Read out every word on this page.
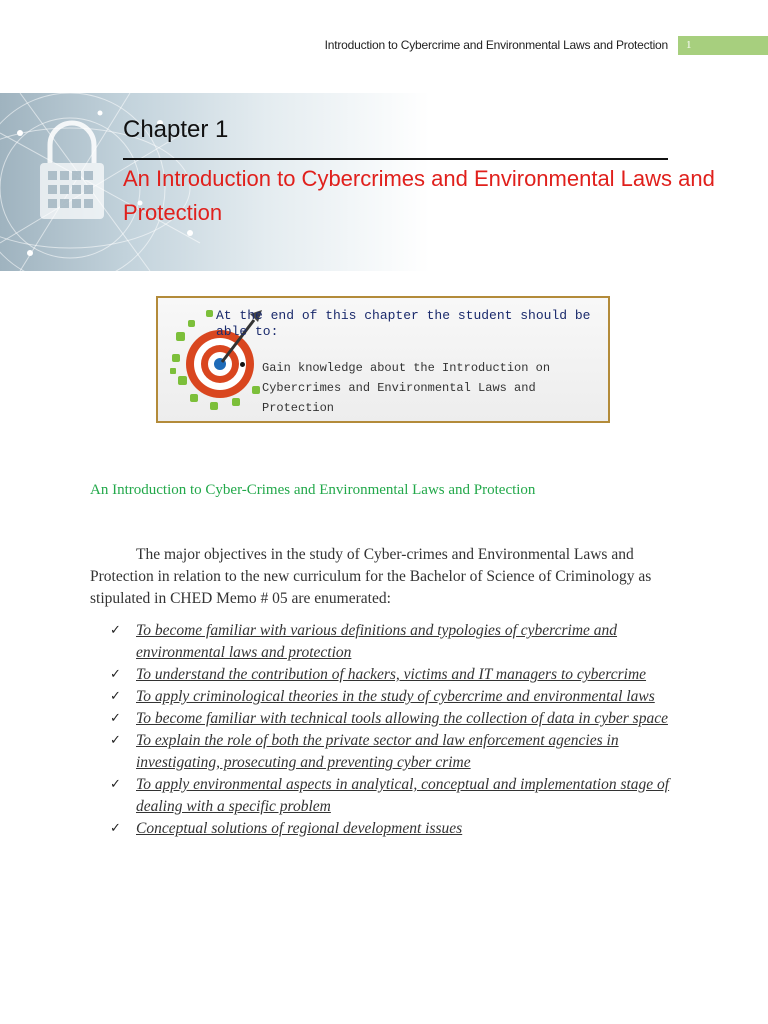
Introduction to Cybercrime and Environmental Laws and Protection	1
Chapter 1
An Introduction to Cybercrimes and Environmental Laws and Protection
At the end of this chapter the student should be able to:
Gain knowledge about the Introduction on Cybercrimes and Environmental Laws and Protection
An Introduction to Cyber-Crimes and Environmental Laws and Protection
The major objectives in the study of Cyber-crimes and Environmental Laws and Protection in relation to the new curriculum for the Bachelor of Science of Criminology as stipulated in CHED Memo # 05 are enumerated:
✓ To become familiar with various definitions and typologies of cybercrime and environmental laws and protection
✓ To understand the contribution of hackers, victims and IT managers to cybercrime
✓ To apply criminological theories in the study of cybercrime and environmental laws
✓ To become familiar with technical tools allowing the collection of data in cyber space
✓ To explain the role of both the private sector and law enforcement agencies in investigating, prosecuting and preventing cyber crime
✓ To apply environmental aspects in analytical, conceptual and implementation stage of dealing with a specific problem
✓ Conceptual solutions of regional development issues
